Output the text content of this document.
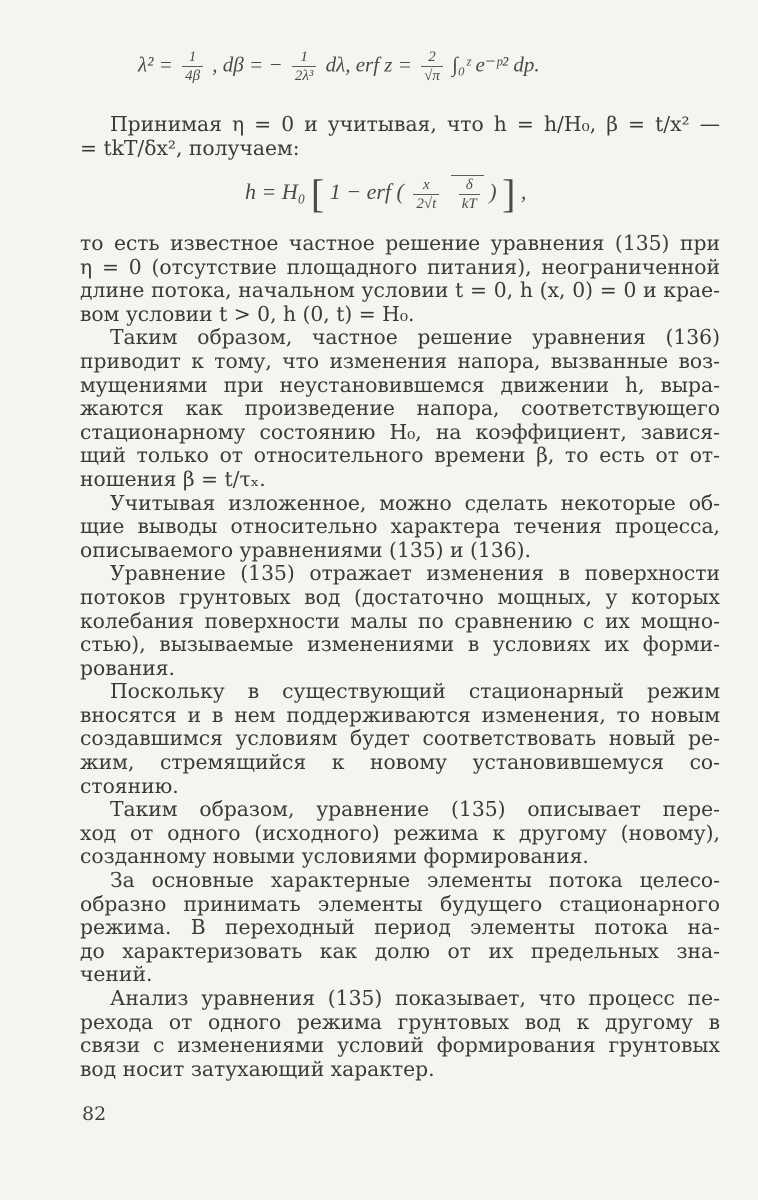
$\lambda^2 = \frac{1}{4\beta}$ , dβ = − $\frac{1}{\text{2λ³}} d\lambda$, erf $z = \frac{2}{√\pi}$ ∫₀ᶻ e⁻ᵖ² dp.
h = H₀ [ 1 − erf ( $\frac{x}{2√t}$
$\frac{\delta}{kT}$ ) ] ,
Принимая η = 0 и учитывая, что h̄ = h/H₀, β = t/x² —
= tkT/δx², получаем:
то есть известное частное решение уравнения (135) при
η = 0 (отсутствие площадного питания), неограниченной
длине потока, начальном условии t = 0, h (x, 0) = 0 и крае-
вом условии t > 0, h (0, t) = H₀.
Таким образом, частное решение уравнения (136)
приводит к тому, что изменения напора, вызванные воз-
мущениями при неустановившемся движении h, выра-
жаются как произведение напора, соответствующего
стационарному состоянию H₀, на коэффициент, завися-
щий только от относительного времени β, то есть от от-
ношения β = t/τₓ.
Учитывая изложенное, можно сделать некоторые об-
щие выводы относительно характера течения процесса,
описываемого уравнениями (135) и (136).
Уравнение (135) отражает изменения в поверхности
потоков грунтовых вод (достаточно мощных, у которых
колебания поверхности малы по сравнению с их мощно-
стью), вызываемые изменениями в условиях их форми-
рования.
Поскольку в существующий стационарный режим
вносятся и в нем поддерживаются изменения, то новым
создавшимся условиям будет соответствовать новый ре-
жим, стремящийся к новому установившемуся со-
стоянию.
Таким образом, уравнение (135) описывает пере-
ход от одного (исходного) режима к другому (новому),
созданному новыми условиями формирования.
За основные характерные элементы потока целесо-
образно принимать элементы будущего стационарного
режима. В переходный период элементы потока на-
до характеризовать как долю от их предельных зна-
чений.
Анализ уравнения (135) показывает, что процесс пе-
рехода от одного режима грунтовых вод к другому в
связи с изменениями условий формирования грунтовых
вод носит затухающий характер.
82
